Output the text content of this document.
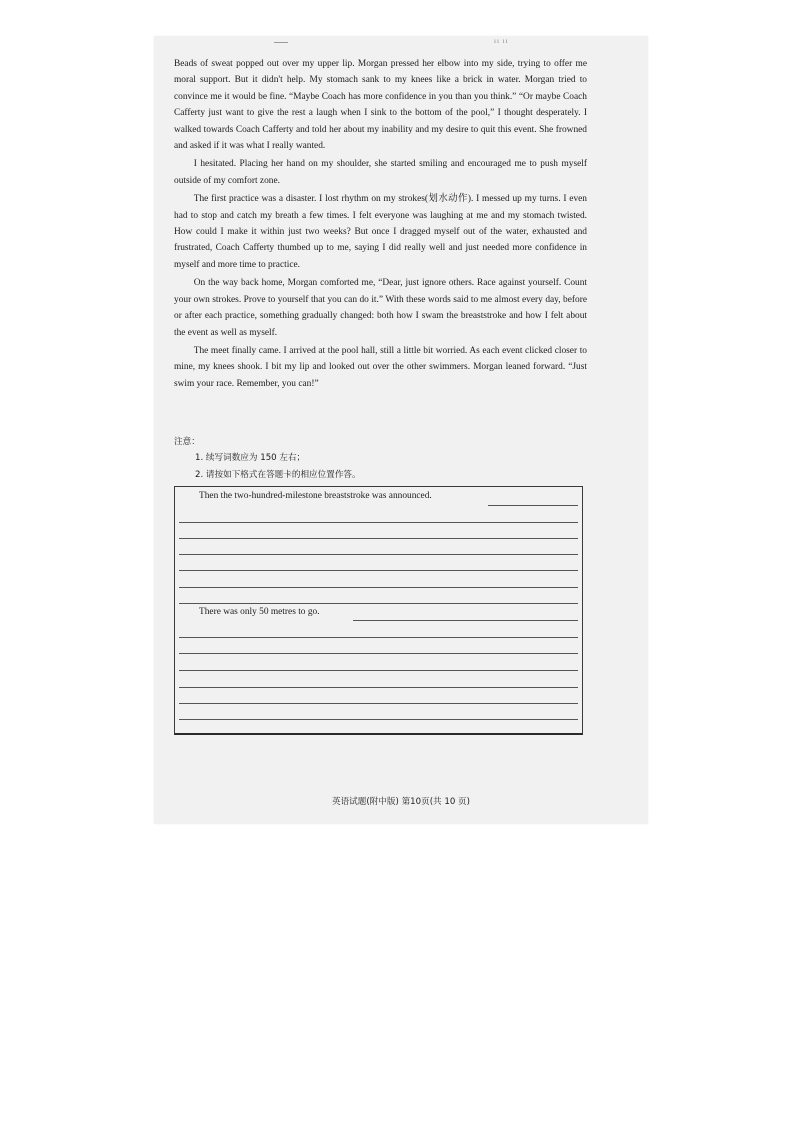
ıı ıı

Beads of sweat popped out over my upper lip. Morgan pressed her elbow into my side, trying to offer me moral support. But it didn't help. My stomach sank to my knees like a brick in water. Morgan tried to convince me it would be fine. “Maybe Coach has more confidence in you than you think.” “Or maybe Coach Cafferty just want to give the rest a laugh when I sink to the bottom of the pool,” I thought desperately. I walked towards Coach Cafferty and told her about my inability and my desire to quit this event. She frowned and asked if it was what I really wanted.

I hesitated. Placing her hand on my shoulder, she started smiling and encouraged me to push myself outside of my comfort zone.

The first practice was a disaster. I lost rhythm on my strokes(划水动作). I messed up my turns. I even had to stop and catch my breath a few times. I felt everyone was laughing at me and my stomach twisted. How could I make it within just two weeks? But once I dragged myself out of the water, exhausted and frustrated, Coach Cafferty thumbed up to me, saying I did really well and just needed more confidence in myself and more time to practice.

On the way back home, Morgan comforted me, “Dear, just ignore others. Race against yourself. Count your own strokes. Prove to yourself that you can do it.” With these words said to me almost every day, before or after each practice, something gradually changed: both how I swam the breaststroke and how I felt about the event as well as myself.

The meet finally came. I arrived at the pool hall, still a little bit worried. As each event clicked closer to mine, my knees shook. I bit my lip and looked out over the other swimmers. Morgan leaned forward. “Just swim your race. Remember, you can!”

注意：
1. 续写词数应为 150 左右；
2. 请按如下格式在答题卡的相应位置作答。
Then the two-hundred-milestone breaststroke was announced.
There was only 50 metres to go.
英语试题(附中版) 第10页(共 10 页)
